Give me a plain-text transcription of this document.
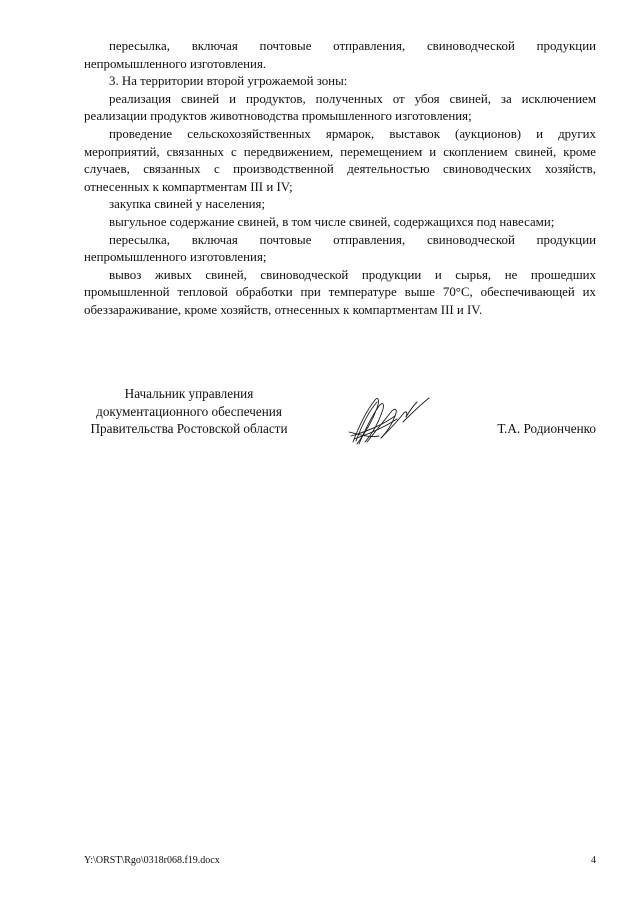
пересылка, включая почтовые отправления, свиноводческой продукции непромышленного изготовления.

3. На территории второй угрожаемой зоны:

реализация свиней и продуктов, полученных от убоя свиней, за исключением реализации продуктов животноводства промышленного изготовления;

проведение сельскохозяйственных ярмарок, выставок (аукционов) и других мероприятий, связанных с передвижением, перемещением и скоплением свиней, кроме случаев, связанных с производственной деятельностью свиноводческих хозяйств, отнесенных к компартментам III и IV;

закупка свиней у населения;

выгульное содержание свиней, в том числе свиней, содержащихся под навесами;

пересылка, включая почтовые отправления, свиноводческой продукции непромышленного изготовления;

вывоз живых свиней, свиноводческой продукции и сырья, не прошедших промышленной тепловой обработки при температуре выше 70°С, обеспечивающей их обеззараживание, кроме хозяйств, отнесенных к компартментам III и IV.

Начальник управления
документационного обеспечения
Правительства Ростовской области	Т.А. Родионченко
Y:\ORST\Rgo\0318r068.f19.docx	4
